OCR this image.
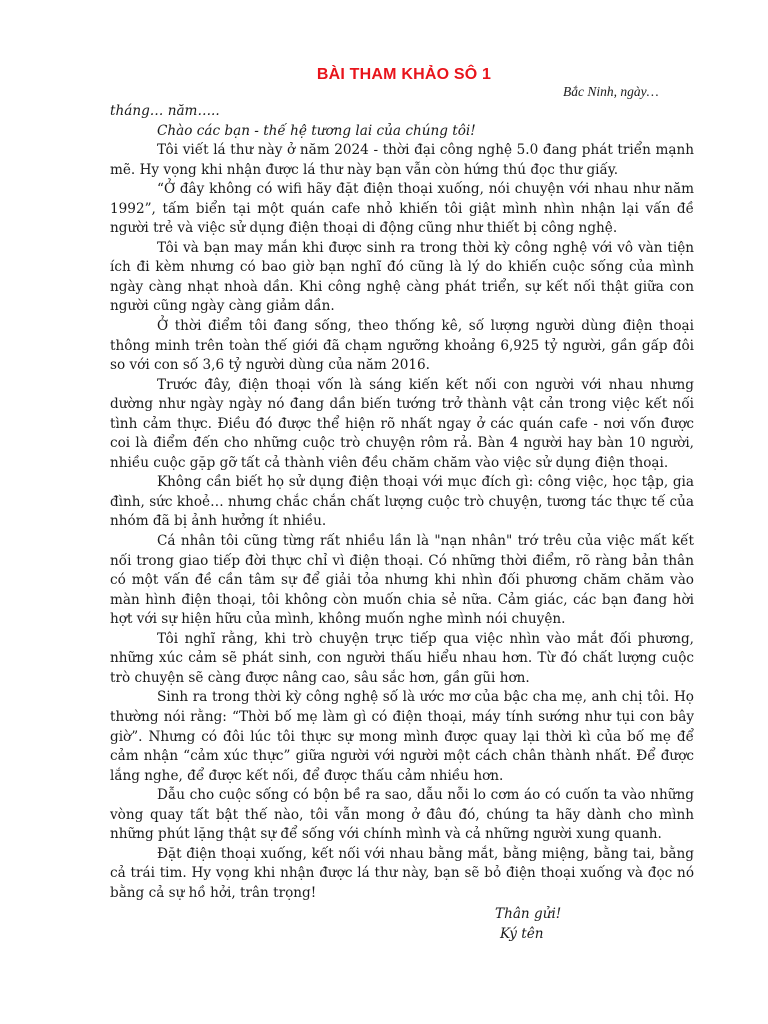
BÀI THAM KHẢO SÔ 1
Bắc Ninh, ngày…

tháng… năm…..

Chào các bạn - thế hệ tương lai của chúng tôi!

Tôi viết lá thư này ở năm 2024 - thời đại công nghệ 5.0 đang phát triển mạnh mẽ. Hy vọng khi nhận được lá thư này bạn vẫn còn hứng thú đọc thư giấy.

“Ở đây không có wifi hãy đặt điện thoại xuống, nói chuyện với nhau như năm 1992”, tấm biển tại một quán cafe nhỏ khiến tôi giật mình nhìn nhận lại vấn đề người trẻ và việc sử dụng điện thoại di động cũng như thiết bị công nghệ.

Tôi và bạn may mắn khi được sinh ra trong thời kỳ công nghệ với vô vàn tiện ích đi kèm nhưng có bao giờ bạn nghĩ đó cũng là lý do khiến cuộc sống của mình ngày càng nhạt nhoà dần. Khi công nghệ càng phát triển, sự kết nối thật giữa con người cũng ngày càng giảm dần.

Ở thời điểm tôi đang sống, theo thống kê, số lượng người dùng điện thoại thông minh trên toàn thế giới đã chạm ngưỡng khoảng 6,925 tỷ người, gần gấp đôi so với con số 3,6 tỷ người dùng của năm 2016.

Trước đây, điện thoại vốn là sáng kiến kết nối con người với nhau nhưng dường như ngày ngày nó đang dần biến tướng trở thành vật cản trong việc kết nối tình cảm thực. Điều đó được thể hiện rõ nhất ngay ở các quán cafe - nơi vốn được coi là điểm đến cho những cuộc trò chuyện rôm rả. Bàn 4 người hay bàn 10 người, nhiều cuộc gặp gỡ tất cả thành viên đều chăm chăm vào việc sử dụng điện thoại.

Không cần biết họ sử dụng điện thoại với mục đích gì: công việc, học tập, gia đình, sức khoẻ… nhưng chắc chắn chất lượng cuộc trò chuyện, tương tác thực tế của nhóm đã bị ảnh hưởng ít nhiều.

Cá nhân tôi cũng từng rất nhiều lần là "nạn nhân" trớ trêu của việc mất kết nối trong giao tiếp đời thực chỉ vì điện thoại. Có những thời điểm, rõ ràng bản thân có một vấn đề cần tâm sự để giải tỏa nhưng khi nhìn đối phương chăm chăm vào màn hình điện thoại, tôi không còn muốn chia sẻ nữa. Cảm giác, các bạn đang hời hợt với sự hiện hữu của mình, không muốn nghe mình nói chuyện.

Tôi nghĩ rằng, khi trò chuyện trực tiếp qua việc nhìn vào mắt đối phương, những xúc cảm sẽ phát sinh, con người thấu hiểu nhau hơn. Từ đó chất lượng cuộc trò chuyện sẽ càng được nâng cao, sâu sắc hơn, gần gũi hơn.

Sinh ra trong thời kỳ công nghệ số là ước mơ của bậc cha mẹ, anh chị tôi. Họ thường nói rằng: “Thời bố mẹ làm gì có điện thoại, máy tính sướng như tụi con bây giờ”. Nhưng có đôi lúc tôi thực sự mong mình được quay lại thời kì của bố mẹ để cảm nhận “cảm xúc thực” giữa người với người một cách chân thành nhất. Để được lắng nghe, để được kết nối, để được thấu cảm nhiều hơn.

Dẫu cho cuộc sống có bộn bề ra sao, dẫu nỗi lo cơm áo có cuốn ta vào những vòng quay tất bật thế nào, tôi vẫn mong ở đâu đó, chúng ta hãy dành cho mình những phút lặng thật sự để sống với chính mình và cả những người xung quanh.

Đặt điện thoại xuống, kết nối với nhau bằng mắt, bằng miệng, bằng tai, bằng cả trái tim. Hy vọng khi nhận được lá thư này, bạn sẽ bỏ điện thoại xuống và đọc nó bằng cả sự hồ hởi, trân trọng!

Thân gửi!
Ký tên
